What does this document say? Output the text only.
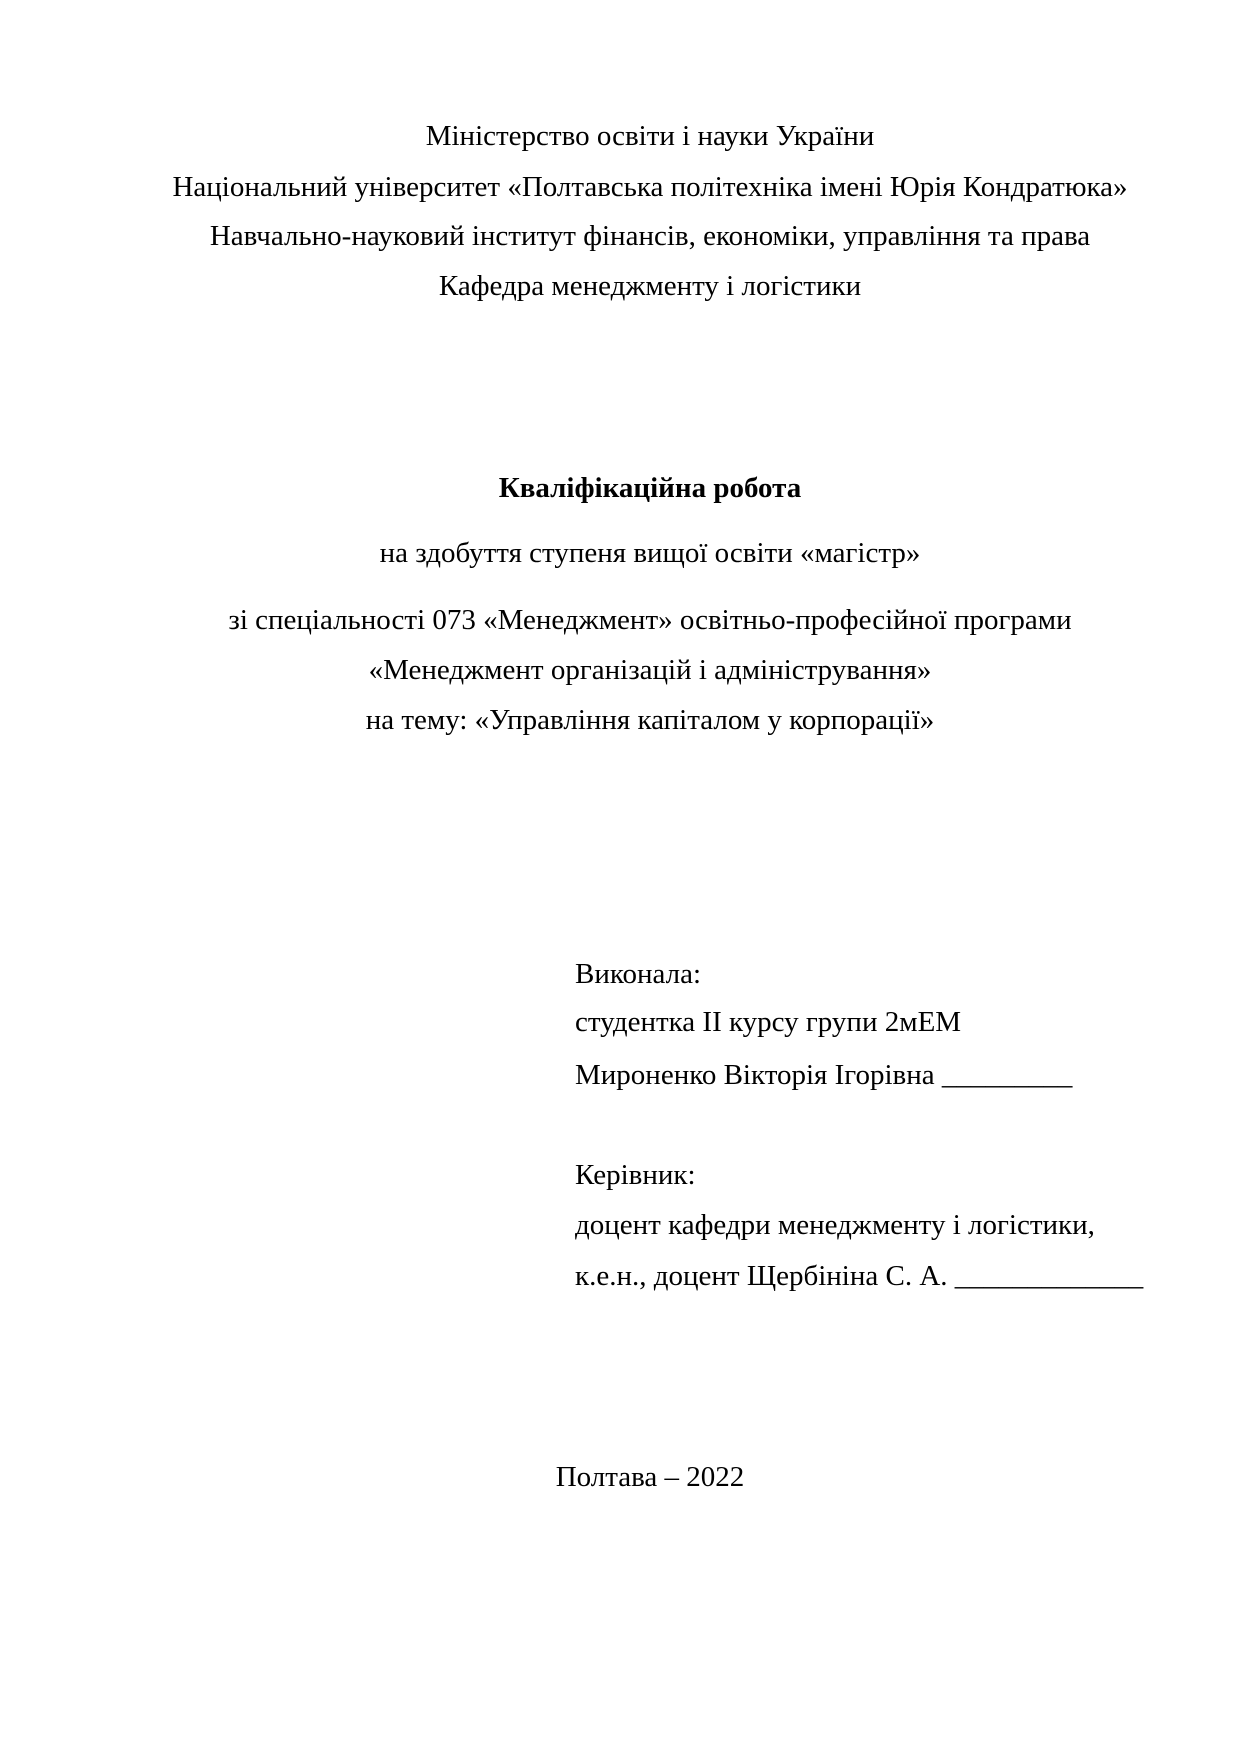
Міністерство освіти і науки України
Національний університет «Полтавська політехніка імені Юрія Кондратюка»
Навчально-науковий інститут фінансів, економіки, управління та права
Кафедра менеджменту і логістики
Кваліфікаційна робота
на здобуття ступеня вищої освіти «магістр»
зі спеціальності 073 «Менеджмент» освітньо-професійної програми
«Менеджмент організацій і адміністрування»
на тему: «Управління капіталом у корпорації»
Виконала:
студентка II курсу групи 2мЕМ
Мироненко Вікторія Ігорівна _________
Керівник:
доцент кафедри менеджменту і логістики,
к.е.н., доцент Щербініна С. А. _____________
Полтава – 2022
